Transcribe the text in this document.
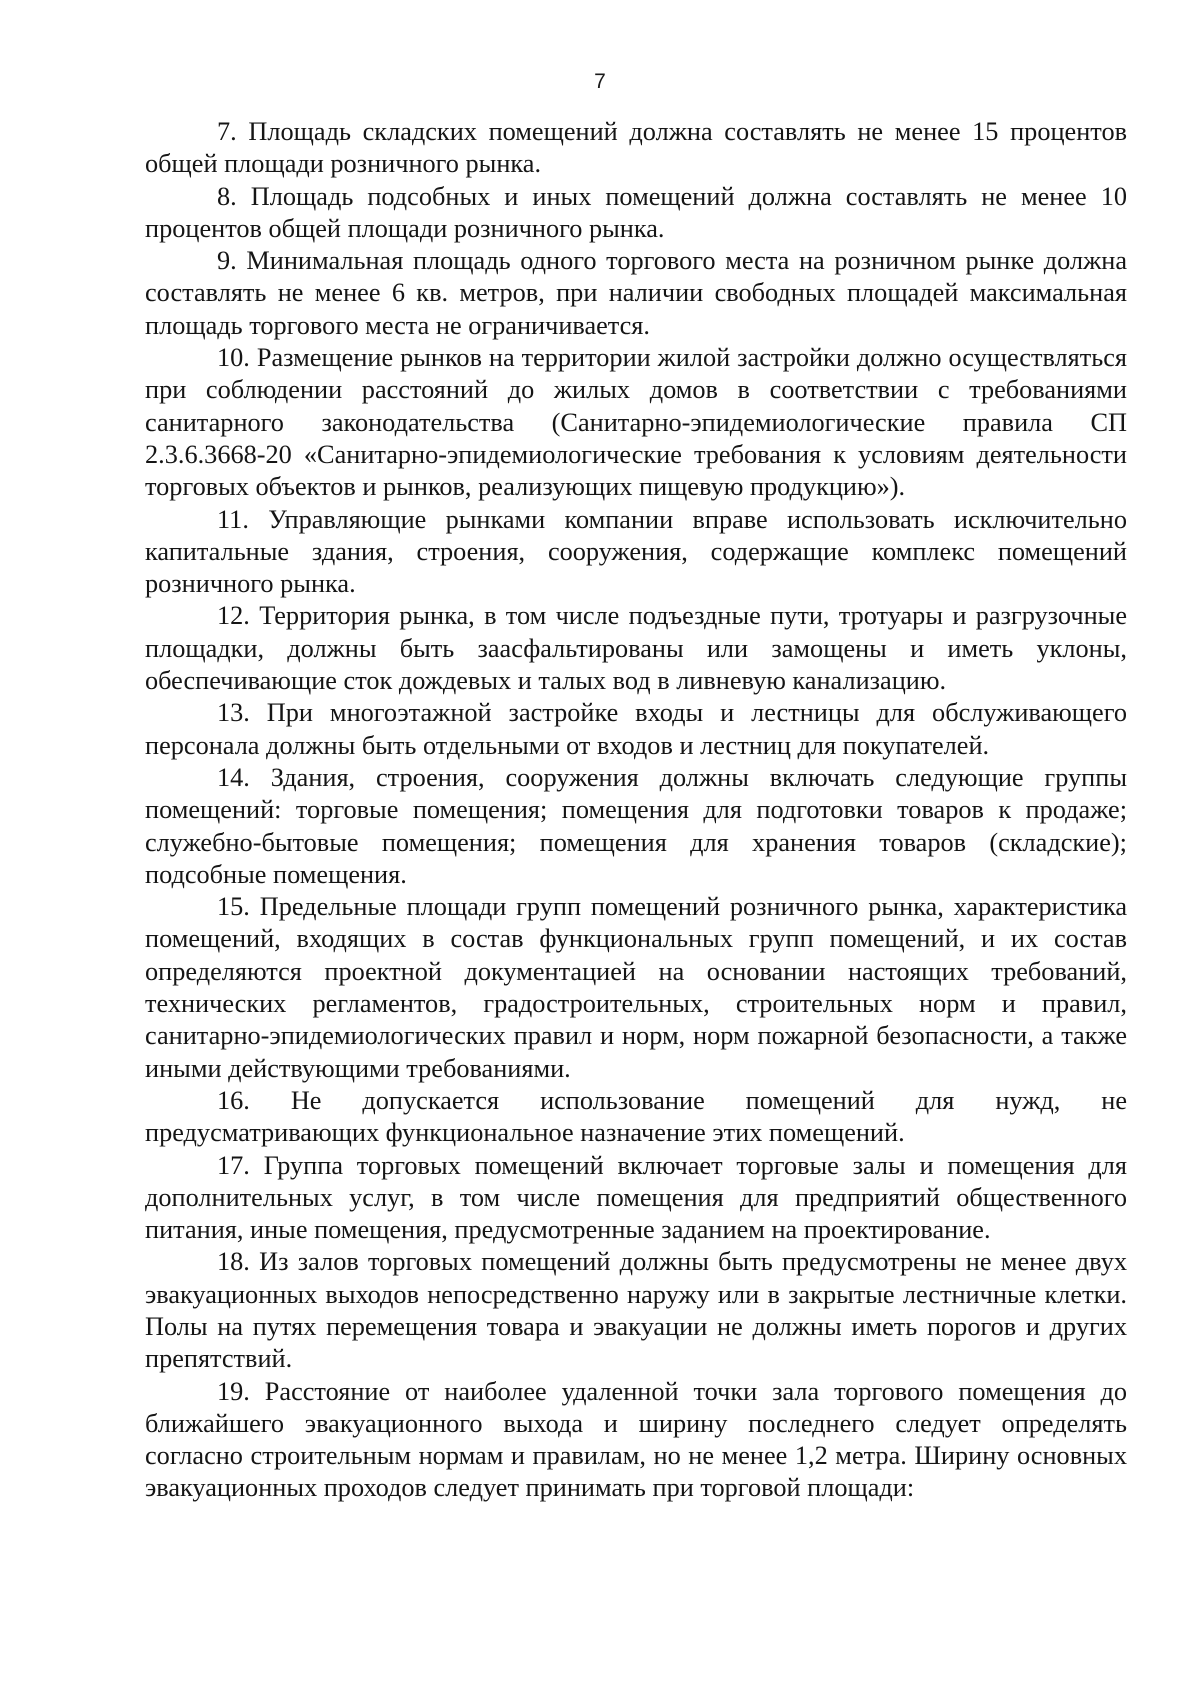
7

7. Площадь складских помещений должна составлять не менее 15 процентов общей площади розничного рынка.

8. Площадь подсобных и иных помещений должна составлять не менее 10 процентов общей площади розничного рынка.

9. Минимальная площадь одного торгового места на розничном рынке должна составлять не менее 6 кв. метров, при наличии свободных площадей максимальная площадь торгового места не ограничивается.

10. Размещение рынков на территории жилой застройки должно осуществляться при соблюдении расстояний до жилых домов в соответствии с требованиями санитарного законодательства (Санитарно-эпидемиологические правила СП 2.3.6.3668-20 «Санитарно-эпидемиологические требования к условиям деятельности торговых объектов и рынков, реализующих пищевую продукцию»).

11. Управляющие рынками компании вправе использовать исключительно капитальные здания, строения, сооружения, содержащие комплекс помещений розничного рынка.

12. Территория рынка, в том числе подъездные пути, тротуары и разгрузочные площадки, должны быть заасфальтированы или замощены и иметь уклоны, обеспечивающие сток дождевых и талых вод в ливневую канализацию.

13. При многоэтажной застройке входы и лестницы для обслуживающего персонала должны быть отдельными от входов и лестниц для покупателей.

14. Здания, строения, сооружения должны включать следующие группы помещений: торговые помещения; помещения для подготовки товаров к продаже; служебно-бытовые помещения; помещения для хранения товаров (складские); подсобные помещения.

15. Предельные площади групп помещений розничного рынка, характеристика помещений, входящих в состав функциональных групп помещений, и их состав определяются проектной документацией на основании настоящих требований, технических регламентов, градостроительных, строительных норм и правил, санитарно-эпидемиологических правил и норм, норм пожарной безопасности, а также иными действующими требованиями.

16. Не допускается использование помещений для нужд, не предусматривающих функциональное назначение этих помещений.

17. Группа торговых помещений включает торговые залы и помещения для дополнительных услуг, в том числе помещения для предприятий общественного питания, иные помещения, предусмотренные заданием на проектирование.

18. Из залов торговых помещений должны быть предусмотрены не менее двух эвакуационных выходов непосредственно наружу или в закрытые лестничные клетки. Полы на путях перемещения товара и эвакуации не должны иметь порогов и других препятствий.

19. Расстояние от наиболее удаленной точки зала торгового помещения до ближайшего эвакуационного выхода и ширину последнего следует определять согласно строительным нормам и правилам, но не менее 1,2 метра. Ширину основных эвакуационных проходов следует принимать при торговой площади:
